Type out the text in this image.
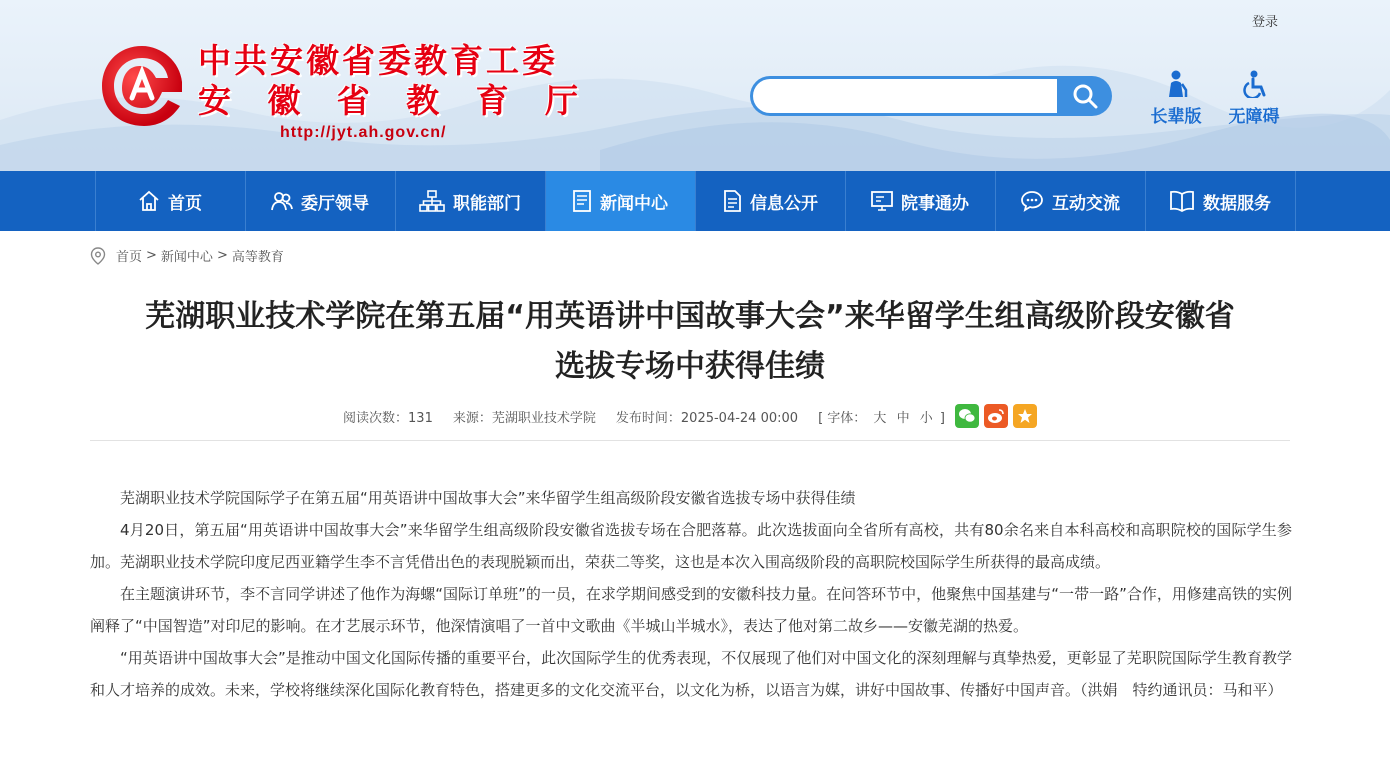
登录
中共安徽省委教育工委
安 徽 省 教 育 厅
http://jyt.ah.gov.cn/
长辈版	无障碍
首页	委厅领导	职能部门	新闻中心	信息公开	院事通办	互动交流	数据服务
首页 > 新闻中心 > 高等教育
芜湖职业技术学院在第五届“用英语讲中国故事大会”来华留学生组高级阶段安徽省
选拔专场中获得佳绩
阅读次数：131 来源：芜湖职业技术学院 发布时间：2025-04-24 00:00 [ 字体： 大 中 小 ]

芜湖职业技术学院国际学子在第五届“用英语讲中国故事大会”来华留学生组高级阶段安徽省选拔专场中获得佳绩

4月20日，第五届“用英语讲中国故事大会”来华留学生组高级阶段安徽省选拔专场在合肥落幕。此次选拔面向全省所有高校，共有80余名来自本科高校和高职院校的国际学生参加。芜湖职业技术学院印度尼西亚籍学生李不言凭借出色的表现脱颖而出，荣获二等奖，这也是本次入围高级阶段的高职院校国际学生所获得的最高成绩。

在主题演讲环节，李不言同学讲述了他作为海螺“国际订单班”的一员，在求学期间感受到的安徽科技力量。在问答环节中，他聚焦中国基建与“一带一路”合作，用修建高铁的实例阐释了“中国智造”对印尼的影响。在才艺展示环节，他深情演唱了一首中文歌曲《半城山半城水》，表达了他对第二故乡——安徽芜湖的热爱。

“用英语讲中国故事大会”是推动中国文化国际传播的重要平台，此次国际学生的优秀表现，不仅展现了他们对中国文化的深刻理解与真挚热爱，更彰显了芜职院国际学生教育教学和人才培养的成效。未来，学校将继续深化国际化教育特色，搭建更多的文化交流平台，以文化为桥，以语言为媒，讲好中国故事、传播好中国声音。（洪娟　特约通讯员：马和平）
